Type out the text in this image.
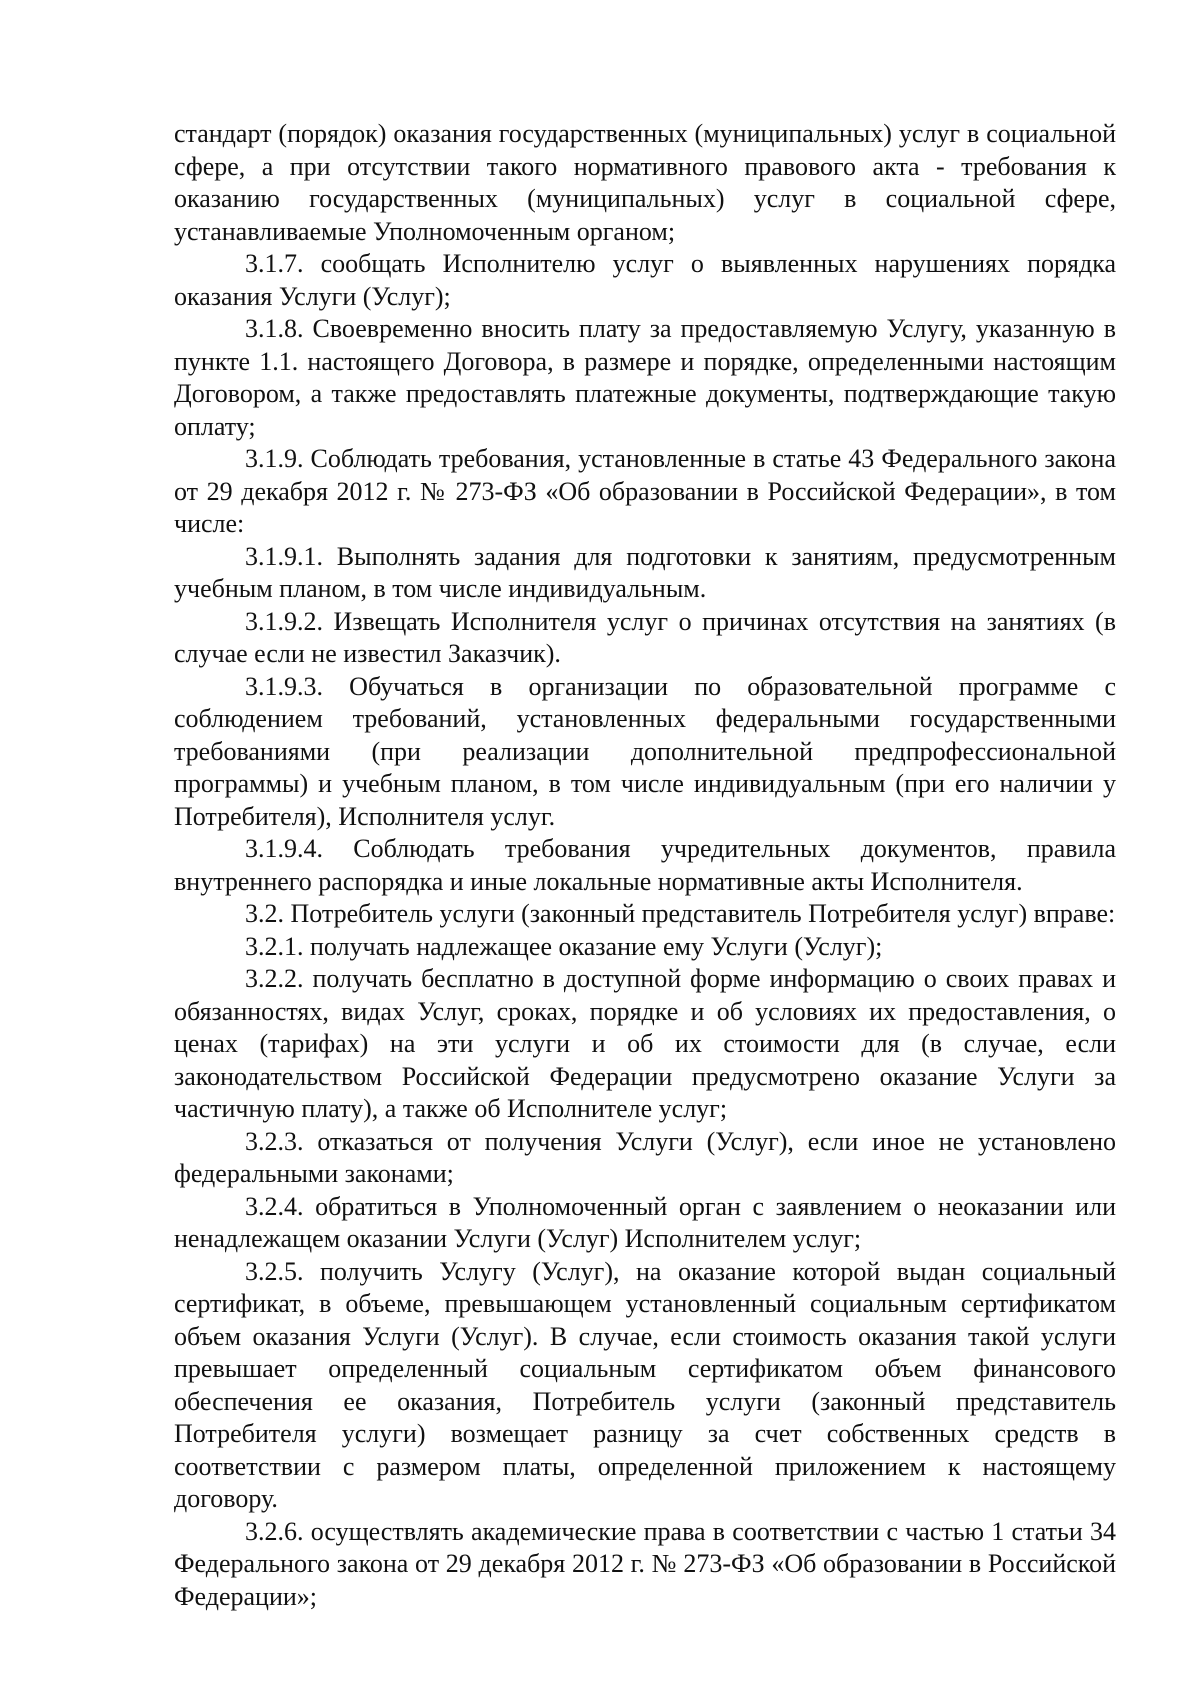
стандарт (порядок) оказания государственных (муниципальных) услуг в социальной сфере, а при отсутствии такого нормативного правового акта - требования к оказанию государственных (муниципальных) услуг в социальной сфере, устанавливаемые Уполномоченным органом;

3.1.7. сообщать Исполнителю услуг о выявленных нарушениях порядка оказания Услуги (Услуг);

3.1.8. Своевременно вносить плату за предоставляемую Услугу, указанную в пункте 1.1. настоящего Договора, в размере и порядке, определенными настоящим Договором, а также предоставлять платежные документы, подтверждающие такую оплату;

3.1.9. Соблюдать требования, установленные в статье 43 Федерального закона от 29 декабря 2012 г. № 273-ФЗ «Об образовании в Российской Федерации», в том числе:

3.1.9.1. Выполнять задания для подготовки к занятиям, предусмотренным учебным планом, в том числе индивидуальным.

3.1.9.2. Извещать Исполнителя услуг о причинах отсутствия на занятиях (в случае если не известил Заказчик).

3.1.9.3. Обучаться в организации по образовательной программе с соблюдением требований, установленных федеральными государственными требованиями (при реализации дополнительной предпрофессиональной программы) и учебным планом, в том числе индивидуальным (при его наличии у Потребителя), Исполнителя услуг.

3.1.9.4. Соблюдать требования учредительных документов, правила внутреннего распорядка и иные локальные нормативные акты Исполнителя.

3.2. Потребитель услуги (законный представитель Потребителя услуг) вправе:

3.2.1. получать надлежащее оказание ему Услуги (Услуг);

3.2.2. получать бесплатно в доступной форме информацию о своих правах и обязанностях, видах Услуг, сроках, порядке и об условиях их предоставления, о ценах (тарифах) на эти услуги и об их стоимости для (в случае, если законодательством Российской Федерации предусмотрено оказание Услуги за частичную плату), а также об Исполнителе услуг;

3.2.3. отказаться от получения Услуги (Услуг), если иное не установлено федеральными законами;

3.2.4. обратиться в Уполномоченный орган с заявлением о неоказании или ненадлежащем оказании Услуги (Услуг) Исполнителем услуг;

3.2.5. получить Услугу (Услуг), на оказание которой выдан социальный сертификат, в объеме, превышающем установленный социальным сертификатом объем оказания Услуги (Услуг). В случае, если стоимость оказания такой услуги превышает определенный социальным сертификатом объем финансового обеспечения ее оказания, Потребитель услуги (законный представитель Потребителя услуги) возмещает разницу за счет собственных средств в соответствии с размером платы, определенной приложением к настоящему договору.

3.2.6. осуществлять академические права в соответствии с частью 1 статьи 34 Федерального закона от 29 декабря 2012 г. № 273-ФЗ «Об образовании в Российской Федерации»;
